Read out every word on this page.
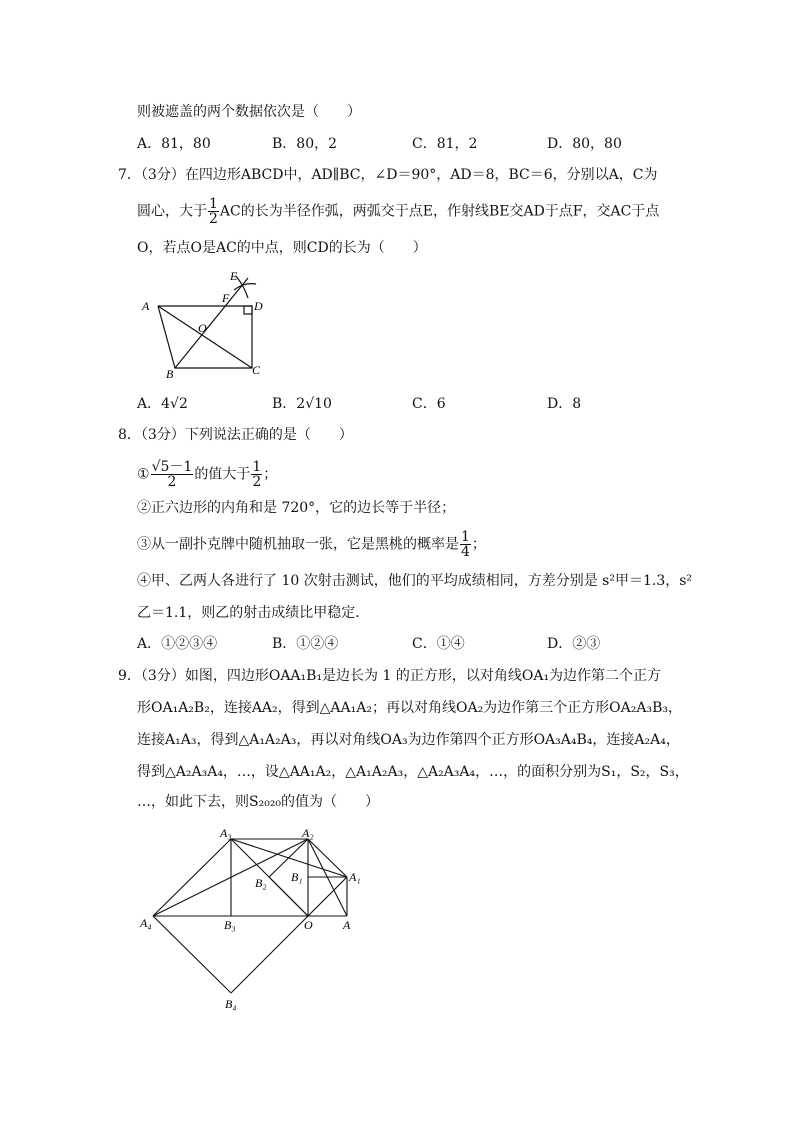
则被遮盖的两个数据依次是（　　）
A．81，80	B．80，2	C．81，2	D．80，80
7．（3分）在四边形ABCD中，AD∥BC，∠D＝90°，AD＝8，BC＝6，分别以A，C为
圆心，大于 $\frac{1}{2}$ AC的长为半径作弧，两弧交于点E，作射线BE交AD于点F，交AC于点
O，若点O是AC的中点，则CD的长为（　　）
E
F
D
A
O
B	C
A．4√2	B．2√10	C．6	D．8
8．（3分）下列说法正确的是（　　）
① $\frac{√5-1}{2}$ 的值大于 $\frac{1}{2}$ ；
②正六边形的内角和是 720°，它的边长等于半径；
③从一副扑克牌中随机抽取一张，它是黑桃的概率是 $\frac{1}{4}$ ；
④甲、乙两人各进行了 10 次射击测试，他们的平均成绩相同，方差分别是 s²甲＝1.3，s²
乙＝1.1，则乙的射击成绩比甲稳定．
A．①②③④	B．①②④	C．①④	D．②③
9．（3分）如图，四边形OAA₁B₁是边长为 1 的正方形，以对角线OA₁为边作第二个正方
形OA₁A₂B₂，连接AA₂，得到△AA₁A₂；再以对角线OA₂为边作第三个正方形OA₂A₃B₃，
连接A₁A₃，得到△A₁A₂A₃，再以对角线OA₃为边作第四个正方形OA₃A₄B₄，连接A₂A₄，
得到△A₂A₃A₄，…，设△AA₁A₂，△A₁A₂A₃，△A₂A₃A₄，…，的面积分别为S₁，S₂，S₃，
…，如此下去，则S₂₀₂₀的值为（　　）
A₃	A₂
B₁	A₁
B₂
A₄	B₃	O	A
B₄
